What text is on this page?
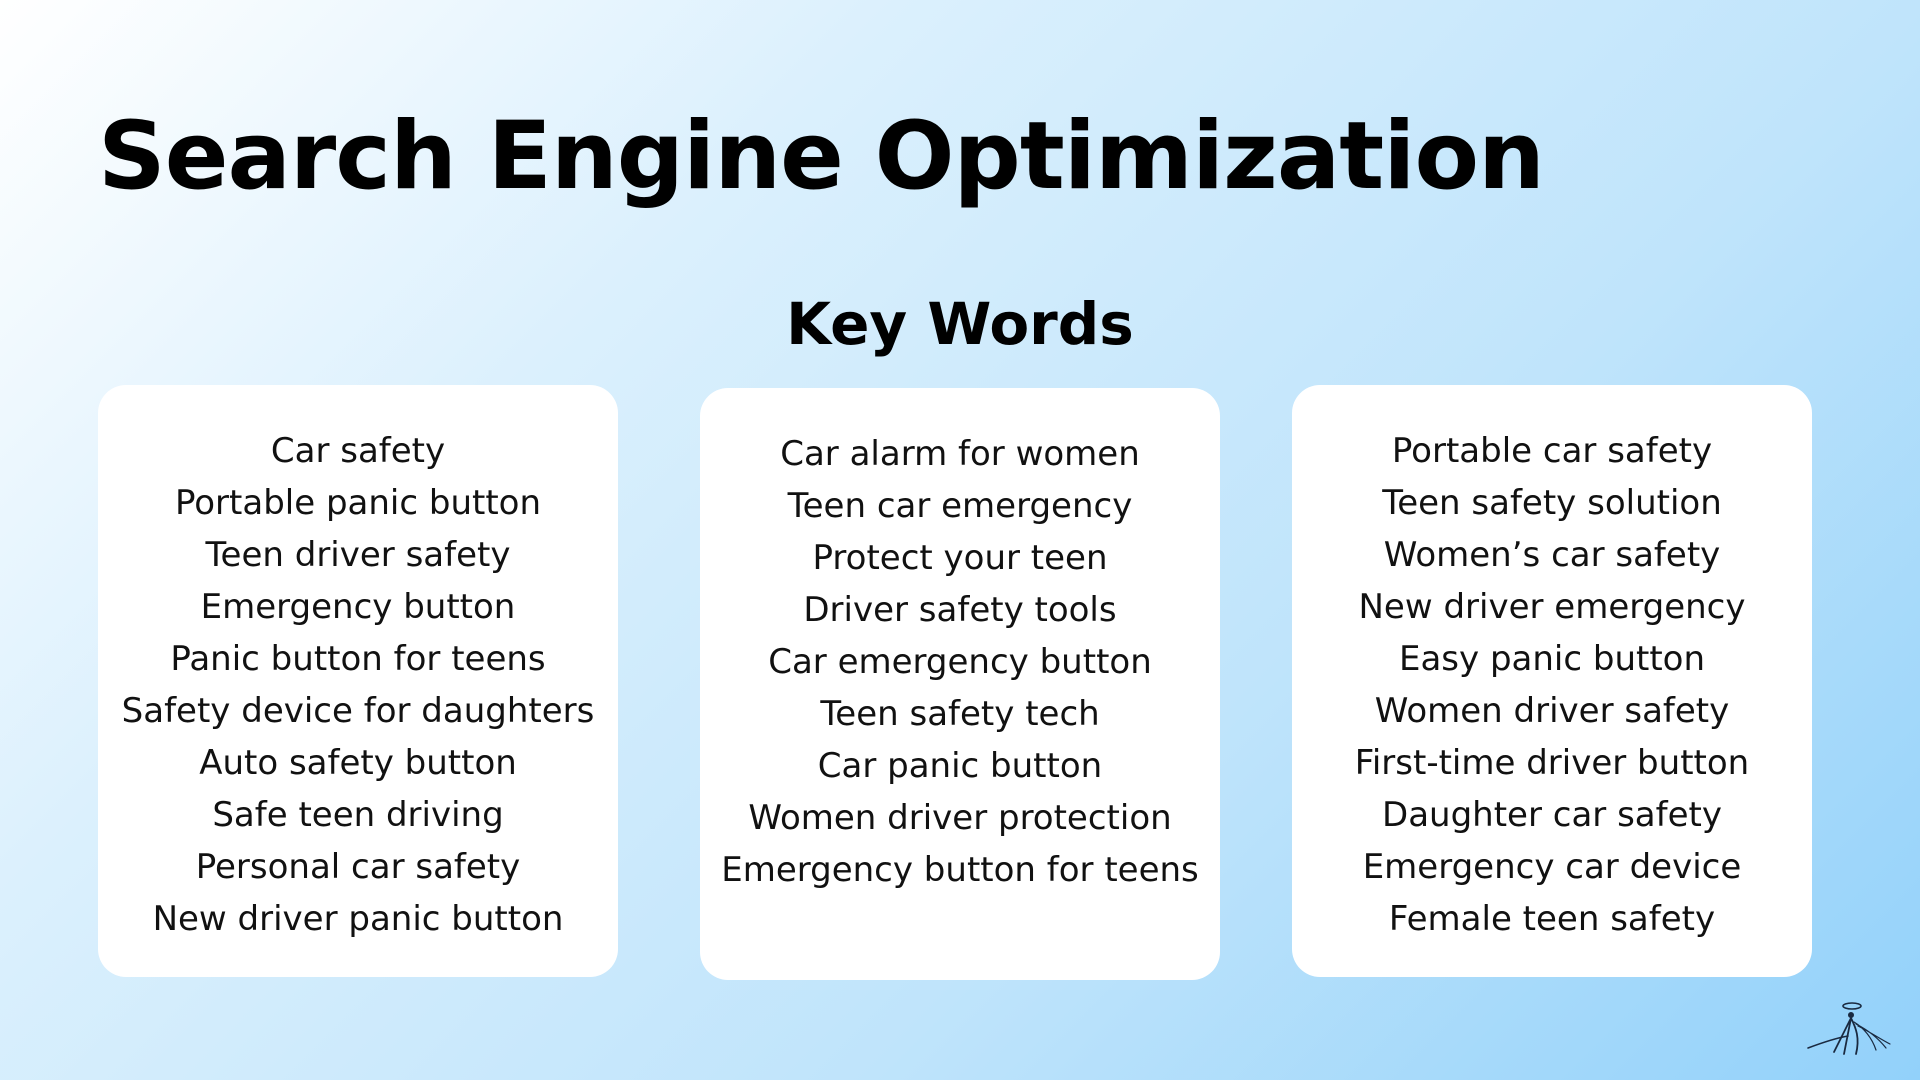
Search Engine Optimization
Key Words
Car safety
Portable panic button
Teen driver safety
Emergency button
Panic button for teens
Safety device for daughters
Auto safety button
Safe teen driving
Personal car safety
New driver panic button
Car alarm for women
Teen car emergency
Protect your teen
Driver safety tools
Car emergency button
Teen safety tech
Car panic button
Women driver protection
Emergency button for teens
Portable car safety
Teen safety solution
Women’s car safety
New driver emergency
Easy panic button
Women driver safety
First-time driver button
Daughter car safety
Emergency car device
Female teen safety
